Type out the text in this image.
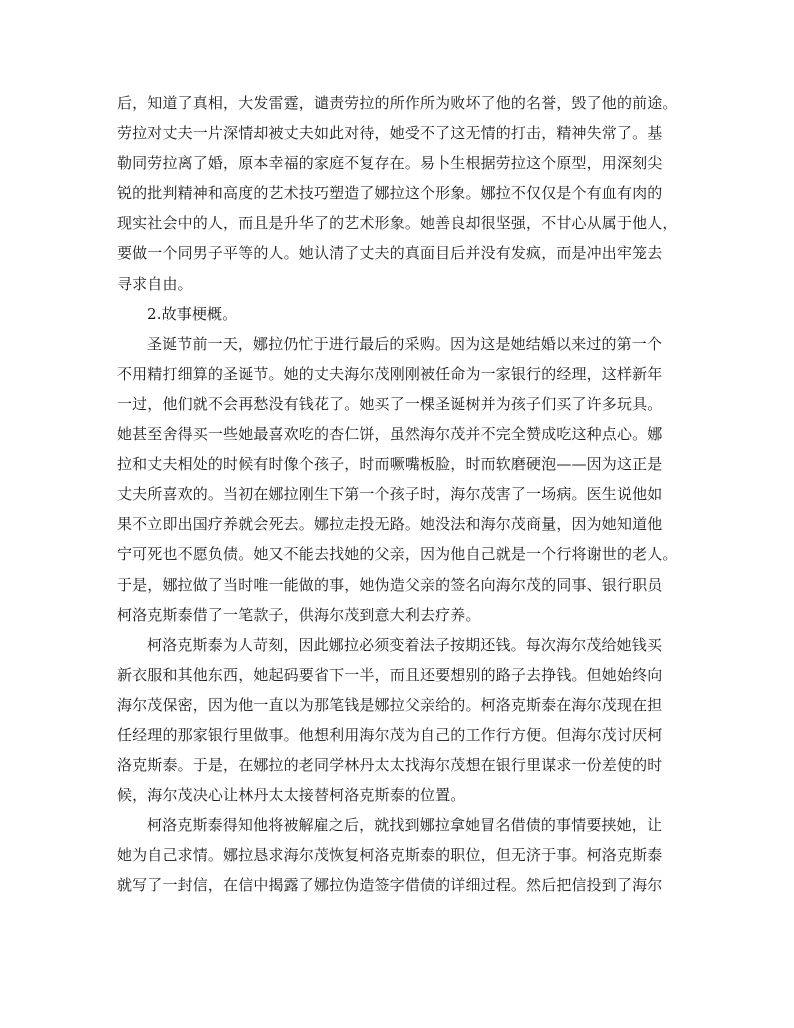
后，知道了真相，大发雷霆，谴责劳拉的所作所为败坏了他的名誉，毁了他的前途。
劳拉对丈夫一片深情却被丈夫如此对待，她受不了这无情的打击，精神失常了。基
勒同劳拉离了婚，原本幸福的家庭不复存在。易卜生根据劳拉这个原型，用深刻尖
锐的批判精神和高度的艺术技巧塑造了娜拉这个形象。娜拉不仅仅是个有血有肉的
现实社会中的人，而且是升华了的艺术形象。她善良却很坚强，不甘心从属于他人，
要做一个同男子平等的人。她认清了丈夫的真面目后并没有发疯，而是冲出牢笼去
寻求自由。
2.故事梗概。
圣诞节前一天，娜拉仍忙于进行最后的采购。因为这是她结婚以来过的第一个
不用精打细算的圣诞节。她的丈夫海尔茂刚刚被任命为一家银行的经理，这样新年
一过，他们就不会再愁没有钱花了。她买了一棵圣诞树并为孩子们买了许多玩具。
她甚至舍得买一些她最喜欢吃的杏仁饼，虽然海尔茂并不完全赞成吃这种点心。娜
拉和丈夫相处的时候有时像个孩子，时而噘嘴板脸，时而软磨硬泡——因为这正是
丈夫所喜欢的。当初在娜拉刚生下第一个孩子时，海尔茂害了一场病。医生说他如
果不立即出国疗养就会死去。娜拉走投无路。她没法和海尔茂商量，因为她知道他
宁可死也不愿负债。她又不能去找她的父亲，因为他自己就是一个行将谢世的老人。
于是，娜拉做了当时唯一能做的事，她伪造父亲的签名向海尔茂的同事、银行职员
柯洛克斯泰借了一笔款子，供海尔茂到意大利去疗养。
柯洛克斯泰为人苛刻，因此娜拉必须变着法子按期还钱。每次海尔茂给她钱买
新衣服和其他东西，她起码要省下一半，而且还要想别的路子去挣钱。但她始终向
海尔茂保密，因为他一直以为那笔钱是娜拉父亲给的。柯洛克斯泰在海尔茂现在担
任经理的那家银行里做事。他想利用海尔茂为自己的工作行方便。但海尔茂讨厌柯
洛克斯泰。于是，在娜拉的老同学林丹太太找海尔茂想在银行里谋求一份差使的时
候，海尔茂决心让林丹太太接替柯洛克斯泰的位置。
柯洛克斯泰得知他将被解雇之后，就找到娜拉拿她冒名借债的事情要挟她，让
她为自己求情。娜拉恳求海尔茂恢复柯洛克斯泰的职位，但无济于事。柯洛克斯泰
就写了一封信，在信中揭露了娜拉伪造签字借债的详细过程。然后把信投到了海尔
